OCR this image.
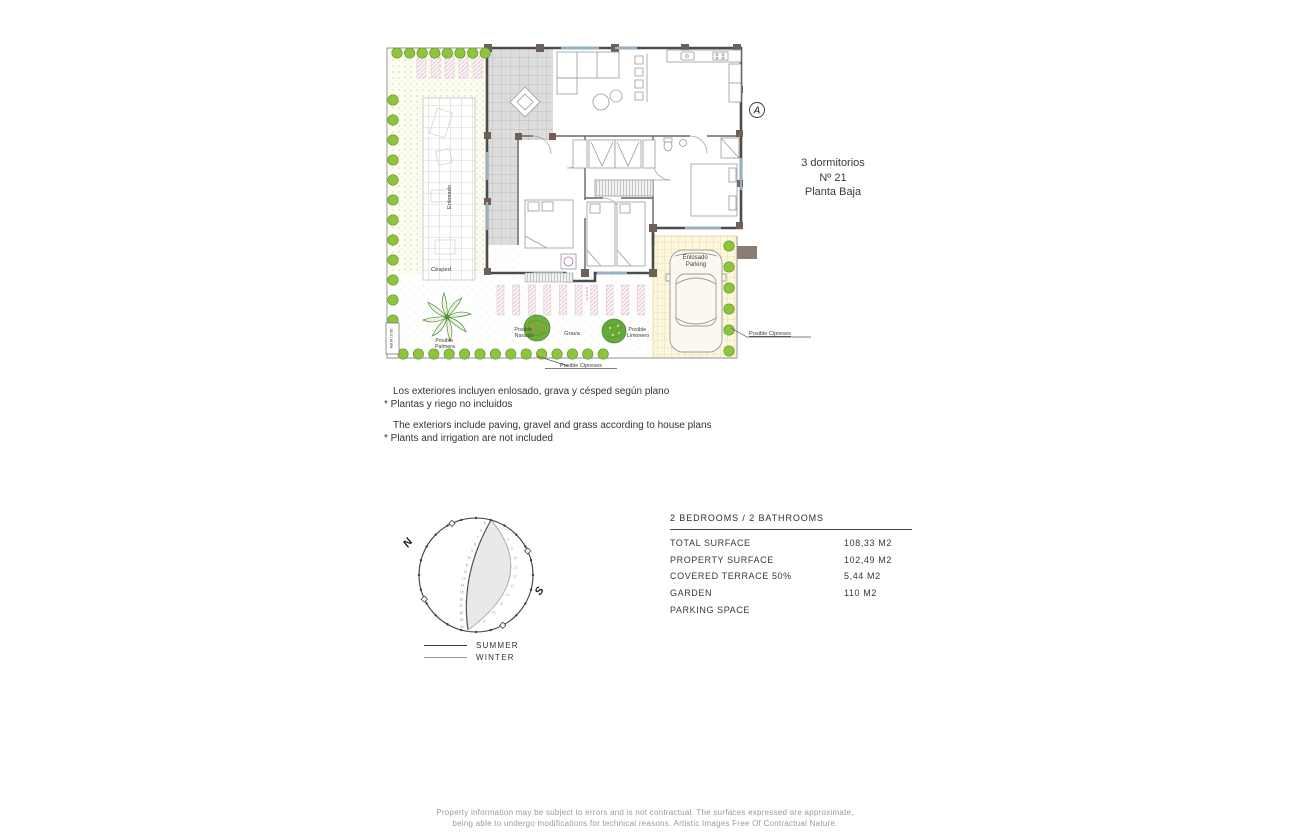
A
Enlosado
Césped
Posible Palmera
Posible Naranjo	Grava
Posible Limonero
Enlosado Parking
Posible Cipreses
Posible Cipreses
AGUA 16 UD
3 dormitorios
Nº 21
Planta Baja
Los exteriores incluyen enlosado, grava y césped según plano
* Plantas y riego no incluidos
The exteriors include paving, gravel and grass according to house plans
* Plants and irrigation are not included
5
6
7
8
9
10
11
12
13
14
15
16
17
18
19
20
7
8
9
10
11
12
13
14
15
16
17
N
S
SUMMER
WINTER
2 BEDROOMS / 2 BATHROOMS
TOTAL SURFACE	108,33 M2
PROPERTY SURFACE	102,49 M2
COVERED TERRACE 50%	5,44 M2
GARDEN	110 M2
PARKING SPACE
Property information may be subject to errors and is not contractual. The surfaces expressed are approximate,
being able to undergo modifications for technical reasons. Artistic Images Free Of Contractual Nature.
